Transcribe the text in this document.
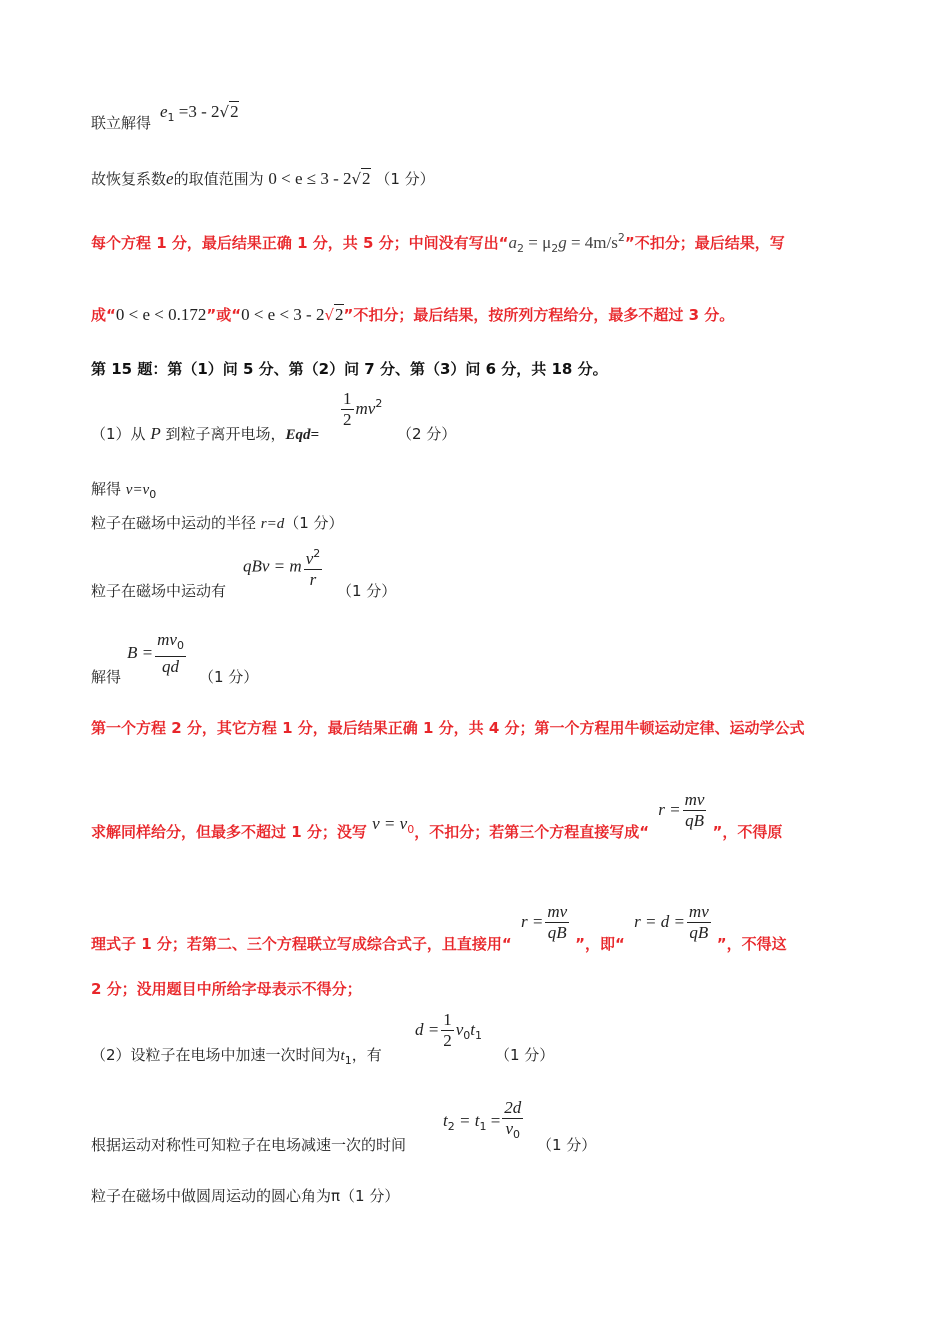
联立解得
$e_1 =3 - 2√2$
故恢复系数e的取值范围为 0 < e ≤ 3 - 2√2 （1 分）
每个方程 1 分，最后结果正确 1 分，共 5 分；中间没有写出“$a_2 = \mu_2g = 4m/s^2$”不扣分；最后结果，写
成“0 < e < 0.172”或“0 < e < 3 - 2√2”不扣分；最后结果，按所列方程给分，最多不超过 3 分。
第 15 题：第（1）问 5 分、第（2）问 7 分、第（3）问 6 分，共 18 分。
（1）从 P 到粒子离开电场，Eqd=
$\frac{1}{2} mv^2$
（2 分）
解得 $v=v_0$
粒子在磁场中运动的半径 r=d（1 分）
粒子在磁场中运动有
qBv = m $\frac{v^2}{r}$
（1 分）
解得
$B = \frac{mv_0}{qd} (1$ 分）
第一个方程 2 分，其它方程 1 分，最后结果正确 1 分，共 4 分；第一个方程用牛顿运动定律、运动学公式
求解同样给分，但最多不超过 1 分；没写 $v = v_0$，不扣分；若第三个方程直接写成“ $r = \frac{mv}{qB}$
”，不得原
理式子 1 分；若第二、三个方程联立写成综合式子，且直接用“ $r = \frac{mv}{qB}$
”，即“ $r = d = \frac{mv}{qB}$
”，不得这
2 分；没用题目中所给字母表示不得分；
（2）设粒子在电场中加速一次时间为$t_1$，有
$d = \frac{1}{2} v_0t_1$
（1 分）
根据运动对称性可知粒子在电场减速一次的时间
$t_2 = t_1 = \frac{2d}{v_0} (1$ 分）
粒子在磁场中做圆周运动的圆心角为π（1 分）
